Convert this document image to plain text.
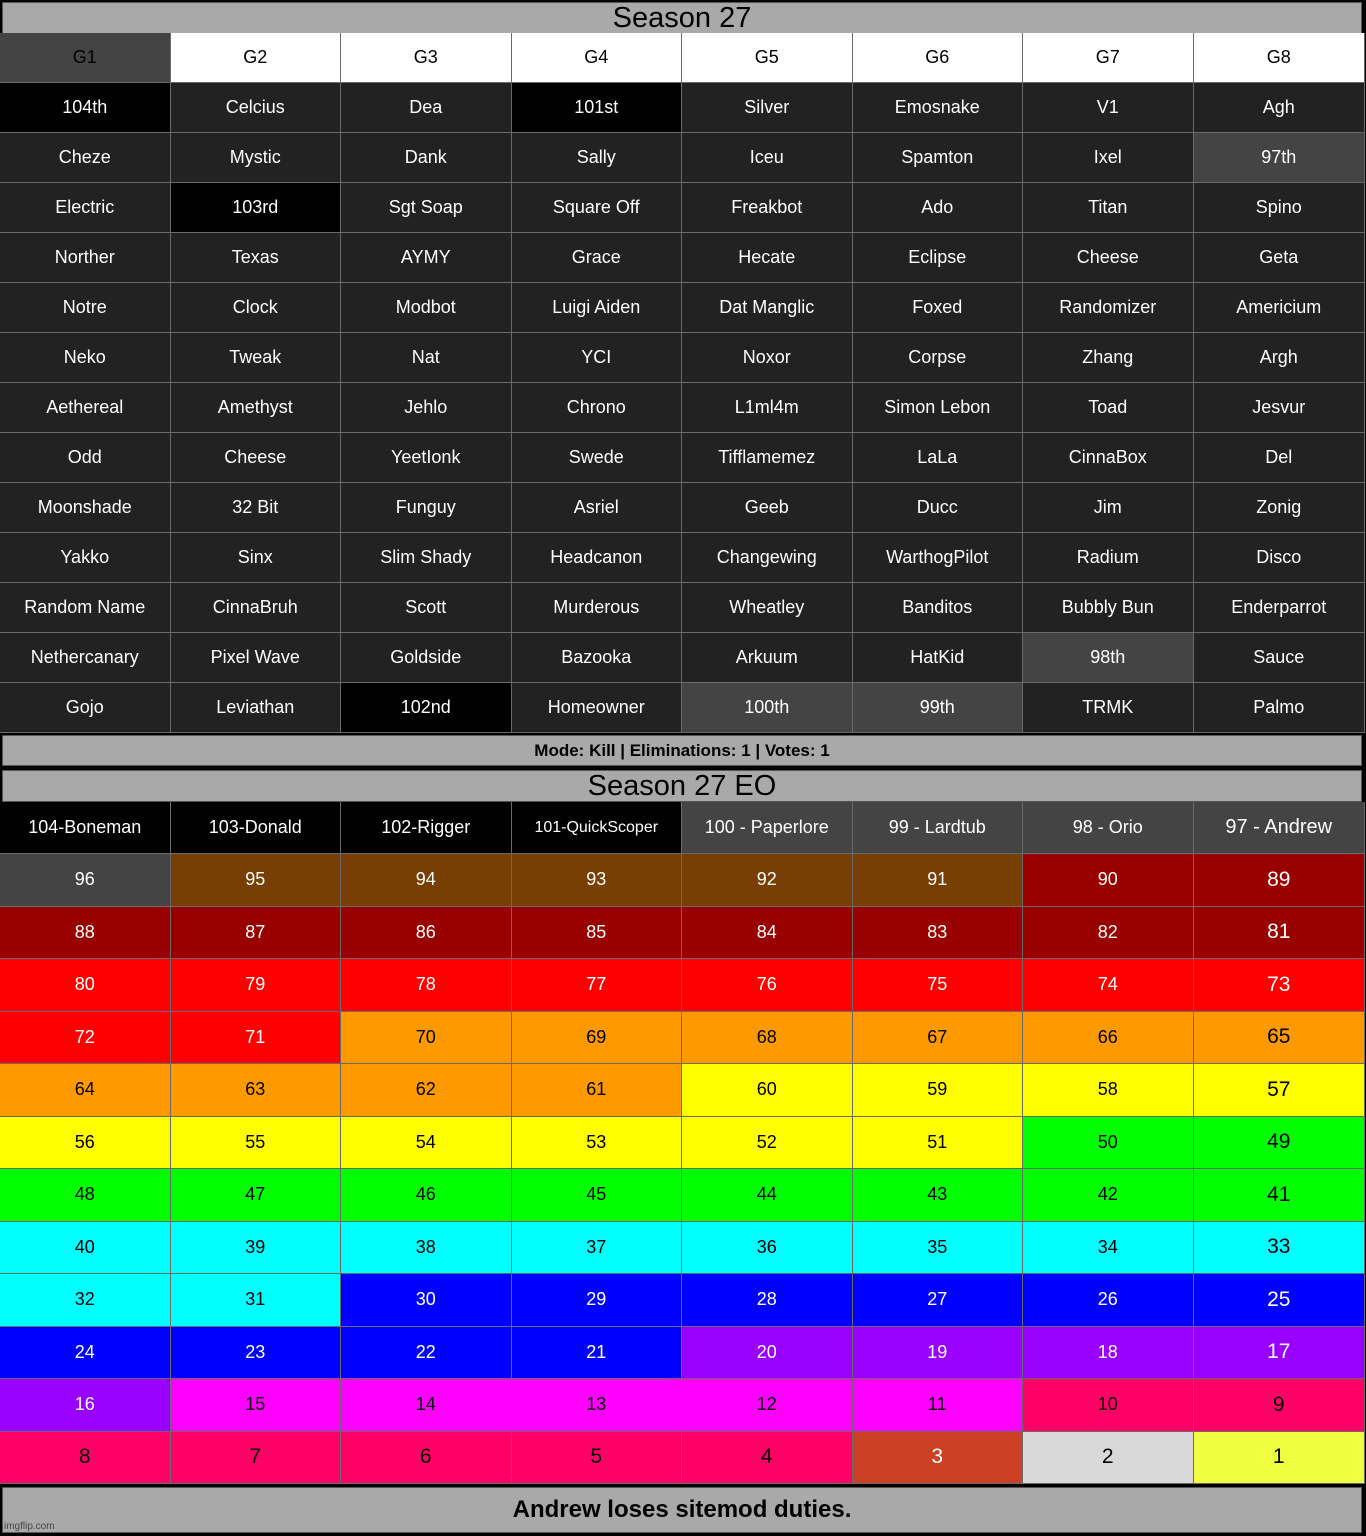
Season 27
G1	G2	G3	G4	G5	G6	G7	G8
104th	Celcius	Dea	101st	Silver	Emosnake	V1	Agh
Cheze	Mystic	Dank	Sally	Iceu	Spamton	Ixel	97th
Electric	103rd	Sgt Soap	Square Off	Freakbot	Ado	Titan	Spino
Norther	Texas	AYMY	Grace	Hecate	Eclipse	Cheese	Geta
Notre	Clock	Modbot	Luigi Aiden	Dat Manglic	Foxed	Randomizer	Americium
Neko	Tweak	Nat	YCI	Noxor	Corpse	Zhang	Argh
Aethereal	Amethyst	Jehlo	Chrono	L1ml4m	Simon Lebon	Toad	Jesvur
Odd	Cheese	YeetIonk	Swede	Tifflamemez	LaLa	CinnaBox	Del
Moonshade	32 Bit	Funguy	Asriel	Geeb	Ducc	Jim	Zonig
Yakko	Sinx	Slim Shady	Headcanon	Changewing	WarthogPilot	Radium	Disco
Random Name	CinnaBruh	Scott	Murderous	Wheatley	Banditos	Bubbly Bun	Enderparrot
Nethercanary	Pixel Wave	Goldside	Bazooka	Arkuum	HatKid	98th	Sauce
Gojo	Leviathan	102nd	Homeowner	100th	99th	TRMK	Palmo
Mode: Kill | Eliminations: 1 | Votes: 1
Season 27 EO
104-Boneman	103-Donald	102-Rigger	101-QuickScoper	100 - Paperlore	99 - Lardtub	98 - Orio	97 - Andrew
96	95	94	93	92	91	90	89
88	87	86	85	84	83	82	81
80	79	78	77	76	75	74	73
72	71	70	69	68	67	66	65
64	63	62	61	60	59	58	57
56	55	54	53	52	51	50	49
48	47	46	45	44	43	42	41
40	39	38	37	36	35	34	33
32	31	30	29	28	27	26	25
24	23	22	21	20	19	18	17
16	15	14	13	12	11	10	9
8	7	6	5	4	3	2	1
Andrew loses sitemod duties.
imgflip.com
